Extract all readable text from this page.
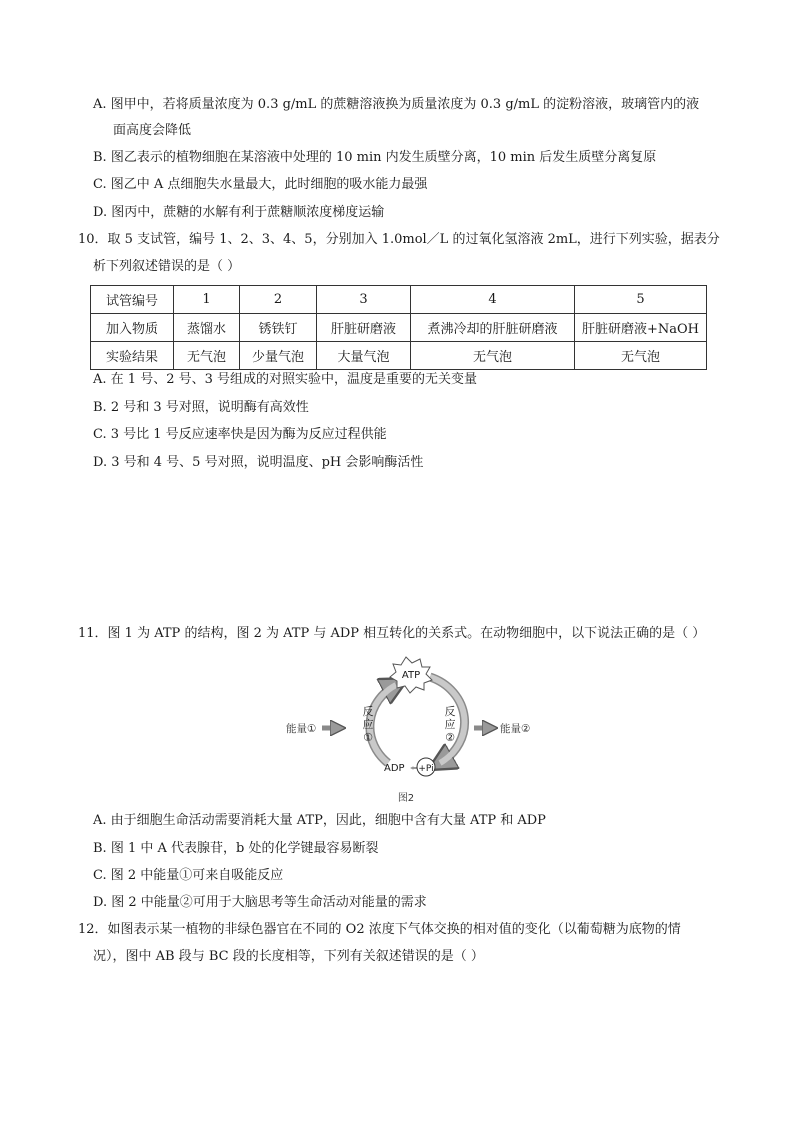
A. 图甲中，若将质量浓度为 0.3 g/mL 的蔗糖溶液换为质量浓度为 0.3 g/mL 的淀粉溶液，玻璃管内的液
面高度会降低
B. 图乙表示的植物细胞在某溶液中处理的 10 min 内发生质壁分离，10 min 后发生质壁分离复原
C. 图乙中 A 点细胞失水量最大，此时细胞的吸水能力最强
D. 图丙中，蔗糖的水解有利于蔗糖顺浓度梯度运输
10．取 5 支试管，编号 1、2、3、4、5，分别加入 1.0mol／L 的过氧化氢溶液 2mL，进行下列实验，据表分
析下列叙述错误的是（ ）
试管编号	1	2	3	4	5
加入物质	蒸馏水	锈铁钉	肝脏研磨液	煮沸冷却的肝脏研磨液	肝脏研磨液+NaOH
实验结果	无气泡	少量气泡	大量气泡	无气泡	无气泡
A. 在 1 号、2 号、3 号组成的对照实验中，温度是重要的无关变量
B. 2 号和 3 号对照，说明酶有高效性
C. 3 号比 1 号反应速率快是因为酶为反应过程供能
D. 3 号和 4 号、5 号对照，说明温度、pH 会影响酶活性
11．图 1 为 ATP 的结构，图 2 为 ATP 与 ADP 相互转化的关系式。在动物细胞中，以下说法正确的是（ ）
ATP
反
应
①
反
应
②
能量①	能量②
ADP +Pi
图2
A. 由于细胞生命活动需要消耗大量 ATP，因此，细胞中含有大量 ATP 和 ADP
B. 图 1 中 A 代表腺苷，b 处的化学键最容易断裂
C. 图 2 中能量①可来自吸能反应
D. 图 2 中能量②可用于大脑思考等生命活动对能量的需求
12．如图表示某一植物的非绿色器官在不同的 O2 浓度下气体交换的相对值的变化（以葡萄糖为底物的情
况），图中 AB 段与 BC 段的长度相等，下列有关叙述错误的是（ ）
